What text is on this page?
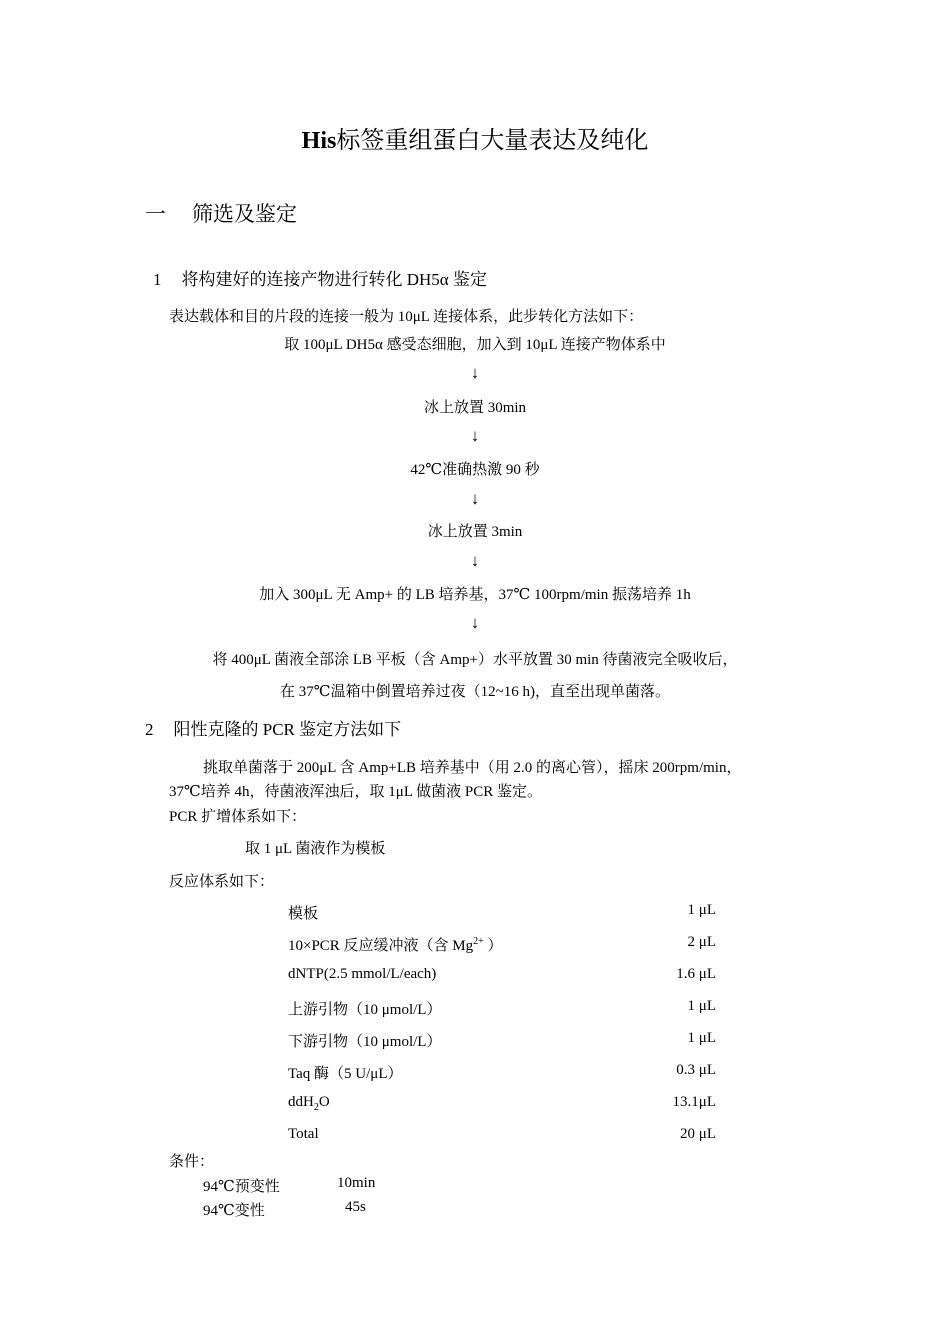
His标签重组蛋白大量表达及纯化
一 筛选及鉴定
1 将构建好的连接产物进行转化 DH5α 鉴定
表达载体和目的片段的连接一般为 10μL 连接体系，此步转化方法如下：
取 100μL DH5α 感受态细胞，加入到 10μL 连接产物体系中
↓
冰上放置 30min
↓
42℃准确热激 90 秒
↓
冰上放置 3min
↓
加入 300μL 无 Amp+ 的 LB 培养基，37℃ 100rpm/min 振荡培养 1h
↓
将 400μL 菌液全部涂 LB 平板（含 Amp+）水平放置 30 min 待菌液完全吸收后，
在 37℃温箱中倒置培养过夜（12~16 h)，直至出现单菌落。
2 阳性克隆的 PCR 鉴定方法如下
挑取单菌落于 200μL 含 Amp+LB 培养基中（用 2.0 的离心管），摇床 200rpm/min，
37℃培养 4h，待菌液浑浊后，取 1μL 做菌液 PCR 鉴定。
PCR 扩增体系如下：
取 1 μL 菌液作为模板
反应体系如下：
模板	1 μL
10×PCR 反应缓冲液（含 $Mg^{2+}$ ）	2 μL
dNTP(2.5 mmol/L/each)	1.6 μL
上游引物（10 μmol/L）	1 μL
下游引物（10 μmol/L）	1 μL
Taq 酶（5 U/μL）	0.3 μL
ddH$_2$O	13.1μL
Total	20 μL
条件：
94℃预变性	10min
94℃变性	45s
